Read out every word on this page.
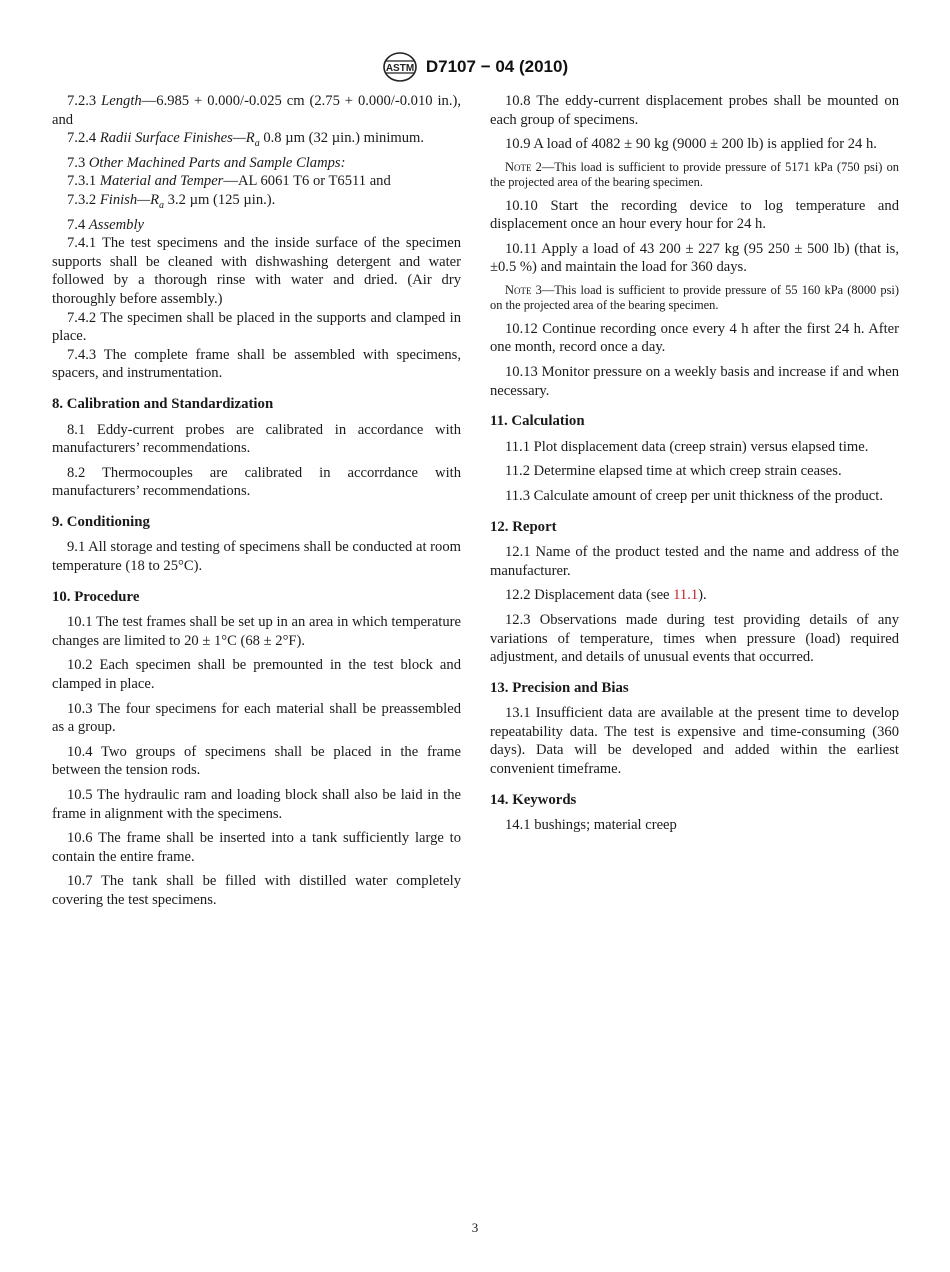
ASTM D7107 − 04 (2010)

7.2.3 Length—6.985 + 0.000/-0.025 cm (2.75 + 0.000/-0.010 in.), and

7.2.4 Radii Surface $Finishes—R_a$ 0.8 µm (32 µin.) minimum.

7.3 Other Machined Parts and Sample Clamps:

7.3.1 Material and Temper—AL 6061 T6 or T6511 and

7.3.2 $Finish—R_a$ 3.2 µm (125 µin.).

7.4 Assembly

7.4.1 The test specimens and the inside surface of the specimen supports shall be cleaned with dishwashing detergent and water followed by a thorough rinse with water and dried. (Air dry thoroughly before assembly.)

7.4.2 The specimen shall be placed in the supports and clamped in place.

7.4.3 The complete frame shall be assembled with specimens, spacers, and instrumentation.

8. Calibration and Standardization

8.1 Eddy-current probes are calibrated in accordance with manufacturers’ recommendations.

8.2 Thermocouples are calibrated in accorrdance with manufacturers’ recommendations.

9. Conditioning

9.1 All storage and testing of specimens shall be conducted at room temperature (18 to 25°C).

10. Procedure

10.1 The test frames shall be set up in an area in which temperature changes are limited to 20 ± 1°C (68 ± 2°F).

10.2 Each specimen shall be premounted in the test block and clamped in place.

10.3 The four specimens for each material shall be preassembled as a group.

10.4 Two groups of specimens shall be placed in the frame between the tension rods.

10.5 The hydraulic ram and loading block shall also be laid in the frame in alignment with the specimens.

10.6 The frame shall be inserted into a tank sufficiently large to contain the entire frame.

10.7 The tank shall be filled with distilled water completely covering the test specimens.

10.8 The eddy-current displacement probes shall be mounted on each group of specimens.

10.9 A load of 4082 ± 90 kg (9000 ± 200 lb) is applied for 24 h.

Note 2—This load is sufficient to provide pressure of 5171 kPa (750 psi) on the projected area of the bearing specimen.

10.10 Start the recording device to log temperature and displacement once an hour every hour for 24 h.

10.11 Apply a load of 43 200 ± 227 kg (95 250 ± 500 lb) (that is, ±0.5 %) and maintain the load for 360 days.

Note 3—This load is sufficient to provide pressure of 55 160 kPa (8000 psi) on the projected area of the bearing specimen.

10.12 Continue recording once every 4 h after the first 24 h. After one month, record once a day.

10.13 Monitor pressure on a weekly basis and increase if and when necessary.

11. Calculation

11.1 Plot displacement data (creep strain) versus elapsed time.

11.2 Determine elapsed time at which creep strain ceases.

11.3 Calculate amount of creep per unit thickness of the product.

12. Report

12.1 Name of the product tested and the name and address of the manufacturer.

12.2 Displacement data (see 11.1).

12.3 Observations made during test providing details of any variations of temperature, times when pressure (load) required adjustment, and details of unusual events that occurred.

13. Precision and Bias

13.1 Insufficient data are available at the present time to develop repeatability data. The test is expensive and time-consuming (360 days). Data will be developed and added within the earliest convenient timeframe.

14. Keywords

14.1 bushings; material creep

3
